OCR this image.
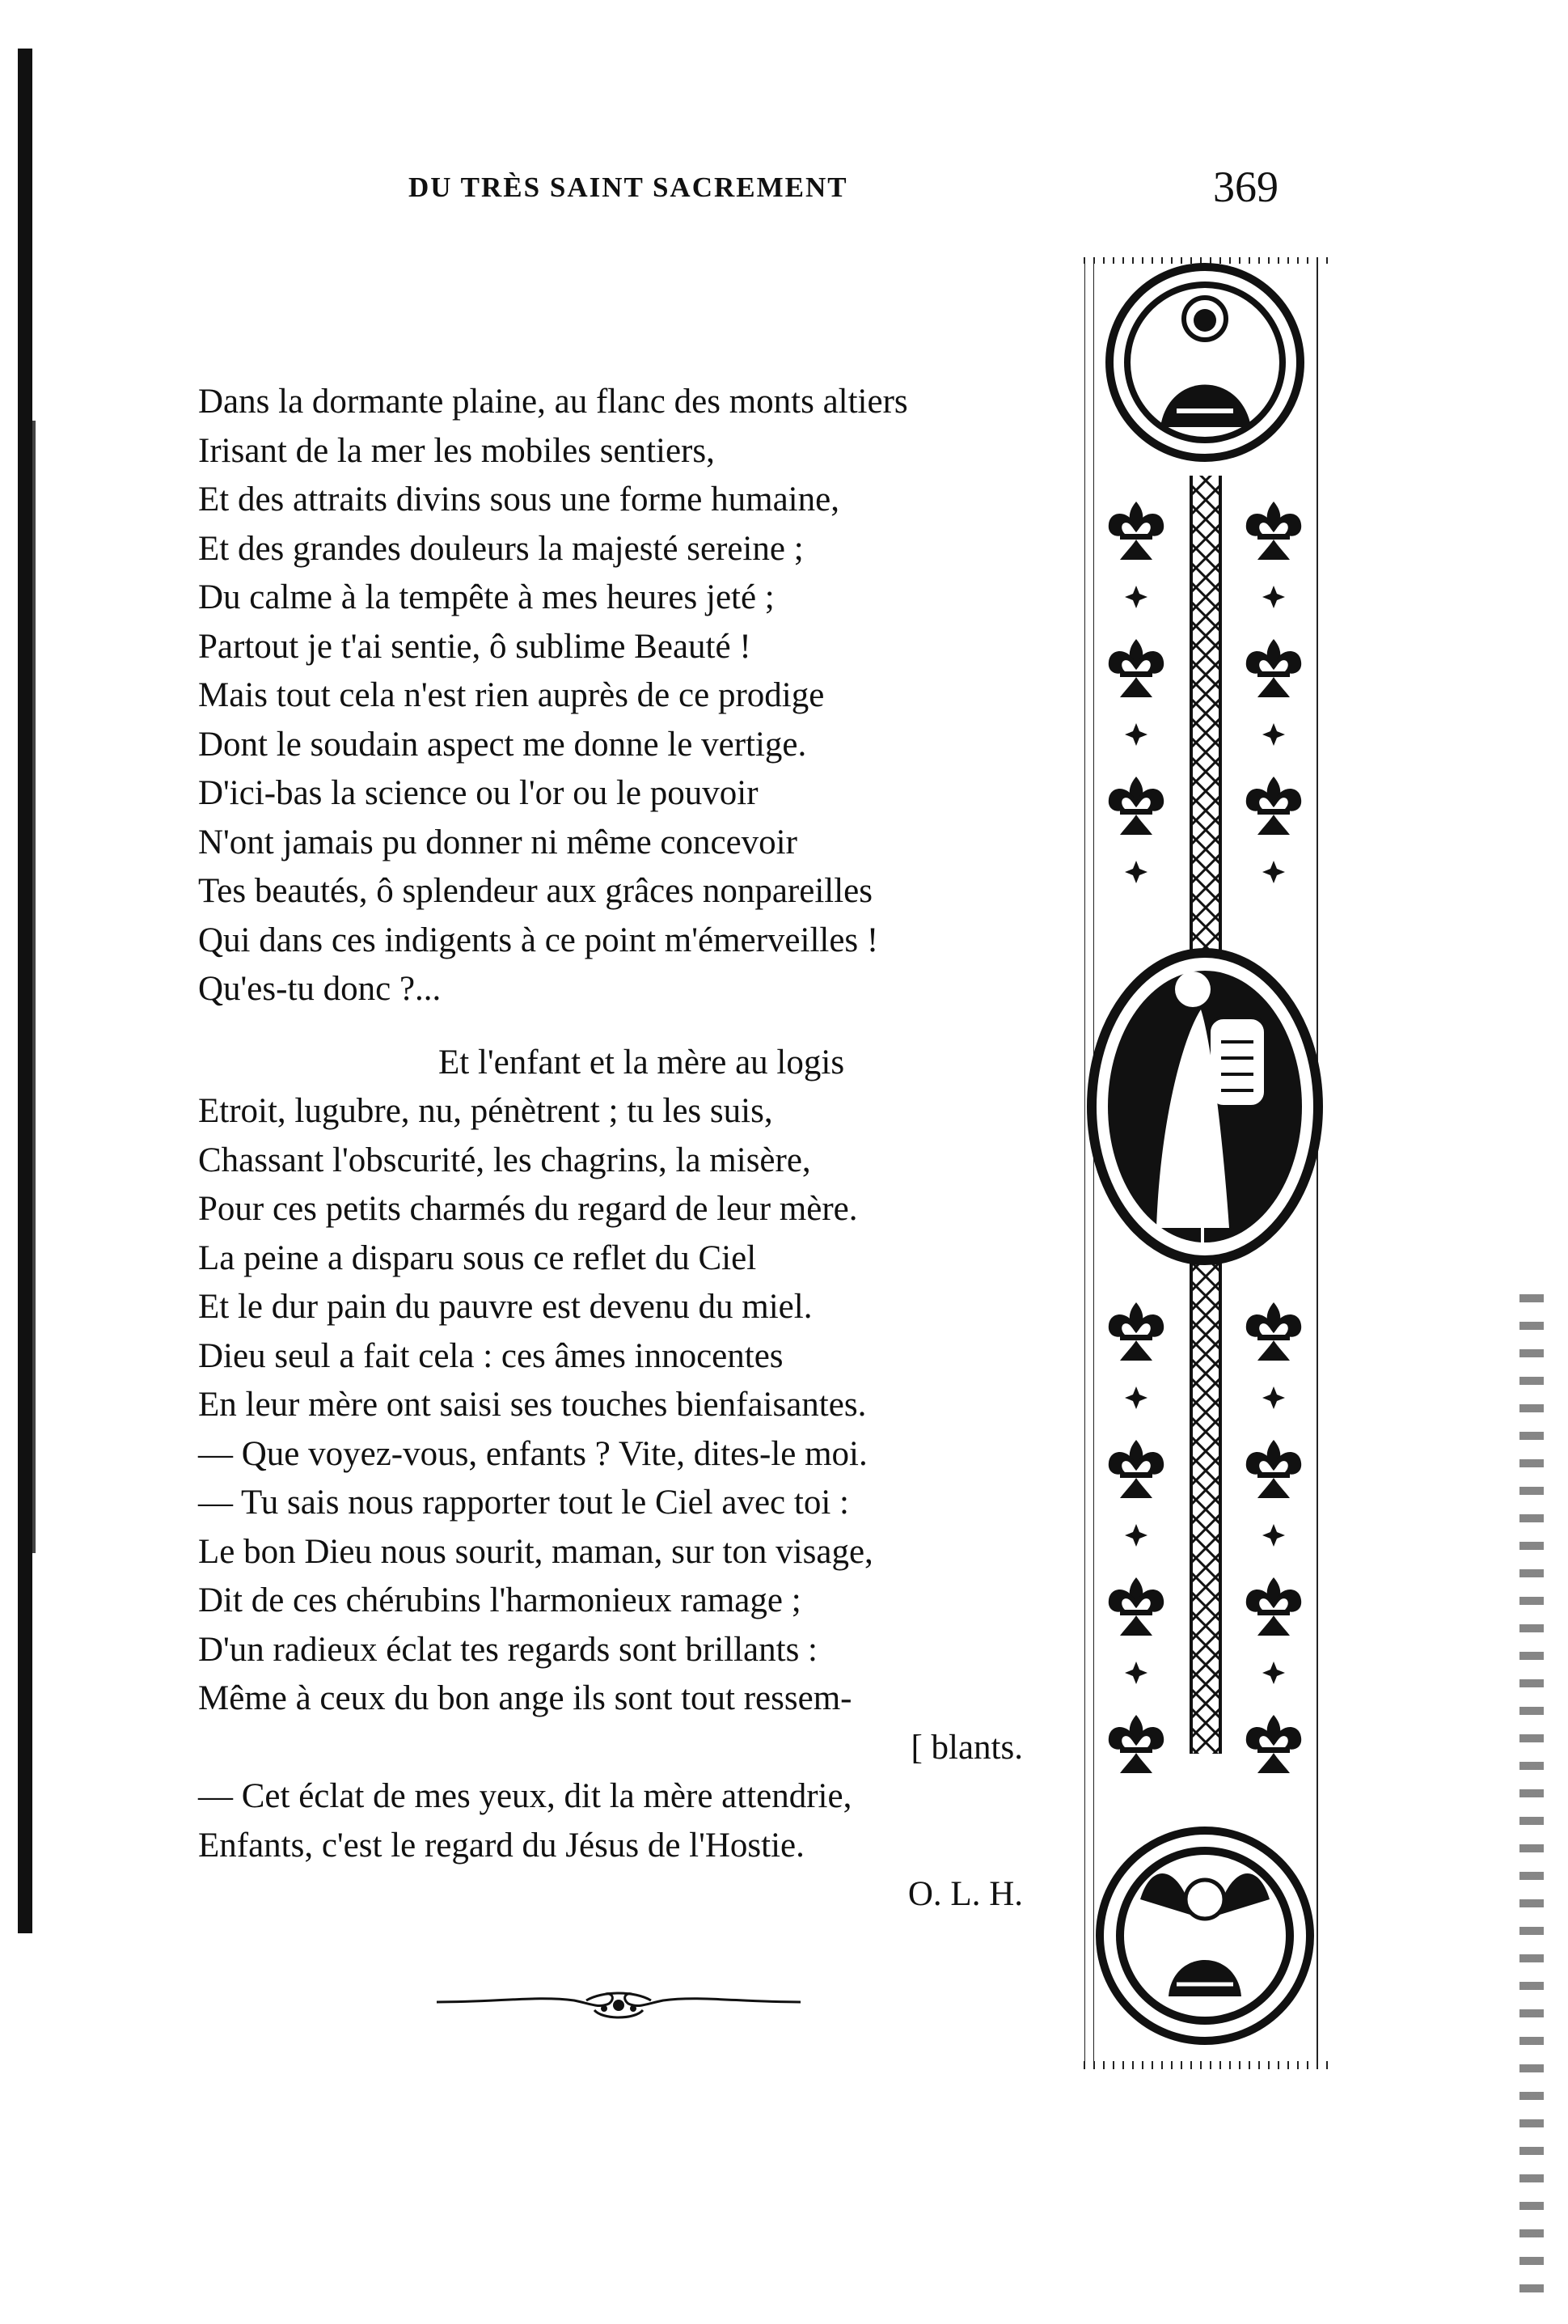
DU TRÈS SAINT SACREMENT	369
Dans la dormante plaine, au flanc des monts altiers
Irisant de la mer les mobiles sentiers,
Et des attraits divins sous une forme humaine,
Et des grandes douleurs la majesté sereine ;
Du calme à la tempête à mes heures jeté ;
Partout je t'ai sentie, ô sublime Beauté !
Mais tout cela n'est rien auprès de ce prodige
Dont le soudain aspect me donne le vertige.
D'ici-bas la science ou l'or ou le pouvoir
N'ont jamais pu donner ni même concevoir
Tes beautés, ô splendeur aux grâces nonpareilles
Qui dans ces indigents à ce point m'émerveilles !
Qu'es-tu donc ?...
Et l'enfant et la mère au logis
Etroit, lugubre, nu, pénètrent ; tu les suis,
Chassant l'obscurité, les chagrins, la misère,
Pour ces petits charmés du regard de leur mère.
La peine a disparu sous ce reflet du Ciel
Et le dur pain du pauvre est devenu du miel.
Dieu seul a fait cela : ces âmes innocentes
En leur mère ont saisi ses touches bienfaisantes.
— Que voyez-vous, enfants ? Vite, dites-le moi.
— Tu sais nous rapporter tout le Ciel avec toi :
Le bon Dieu nous sourit, maman, sur ton visage,
Dit de ces chérubins l'harmonieux ramage ;
D'un radieux éclat tes regards sont brillants :
Même à ceux du bon ange ils sont tout ressem-
[ blants.
— Cet éclat de mes yeux, dit la mère attendrie,
Enfants, c'est le regard du Jésus de l'Hostie.
O. L. H.
